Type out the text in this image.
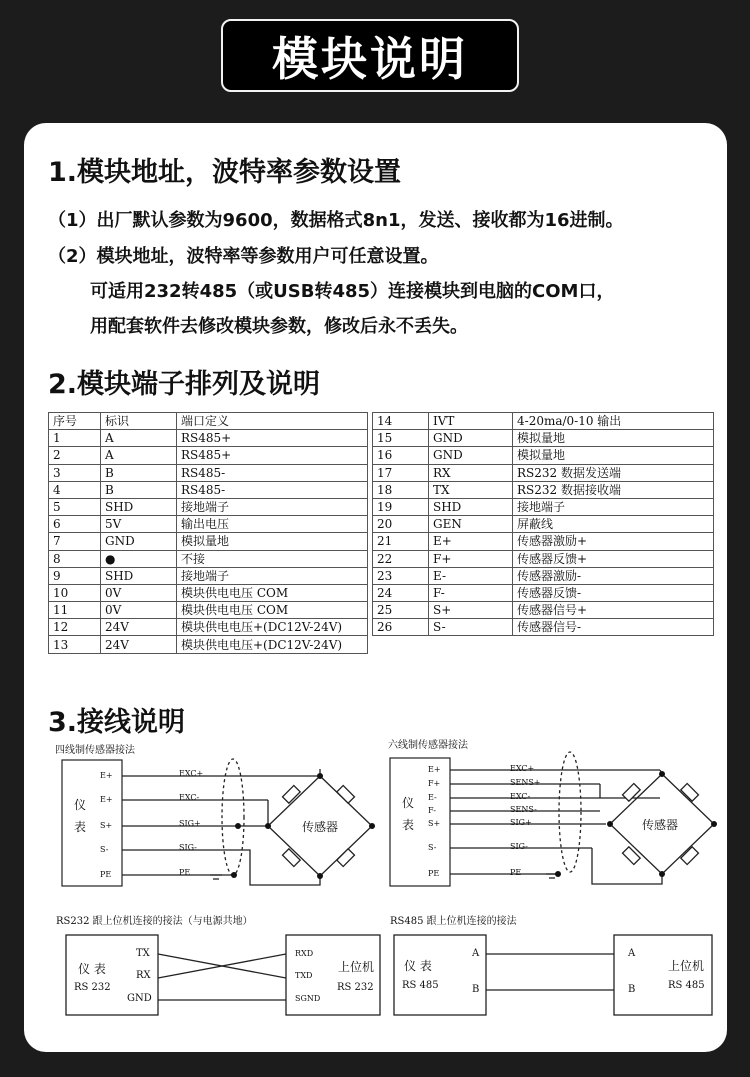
模块说明
1.模块地址，波特率参数设置
（1）出厂默认参数为9600，数据格式8n1，发送、接收都为16进制。
（2）模块地址，波特率等参数用户可任意设置。
可适用232转485（或USB转485）连接模块到电脑的COM口，
用配套软件去修改模块参数，修改后永不丢失。
2.模块端子排列及说明
序号	标识	端口定义
1	A	RS485+
2	A	RS485+
3	B	RS485-
4	B	RS485-
5	SHD	接地端子
6	5V	输出电压
7	GND	模拟量地
8	●	不接
9	SHD	接地端子
10	0V	模块供电电压 COM
11	0V	模块供电电压 COM
12	24V	模块供电电压+(DC12V-24V)
13	24V	模块供电电压+(DC12V-24V)
14	IVT	4-20ma/0-10 输出
15	GND	模拟量地
16	GND	模拟量地
17	RX	RS232 数据发送端
18	TX	RS232 数据接收端
19	SHD	接地端子
20	GEN	屏蔽线
21	E+	传感器激励+
22	F+	传感器反馈+
23	E-	传感器激励-
24	F-	传感器反馈-
25	S+	传感器信号+
26	S-	传感器信号-
3.接线说明
四线制传感器接法
仪
表
E+
E+
S+
S-
PE
EXC+
EXC-
SIG+
SIG-
PE
传感器
六线制传感器接法
仪
表
E+
F+
E-
F-
S+
S-
PE
EXC+
SENS+
EXC-
SENS-
SIG+
SIG-
PE
传感器
RS232 跟上位机连接的接法（与电源共地）
仪 表
RS 232
TX
RX
GND
RXD
TXD
SGND
上位机
RS 232
RS485 跟上位机连接的接法
仪 表
RS 485
A
B
A
B
上位机
RS 485
